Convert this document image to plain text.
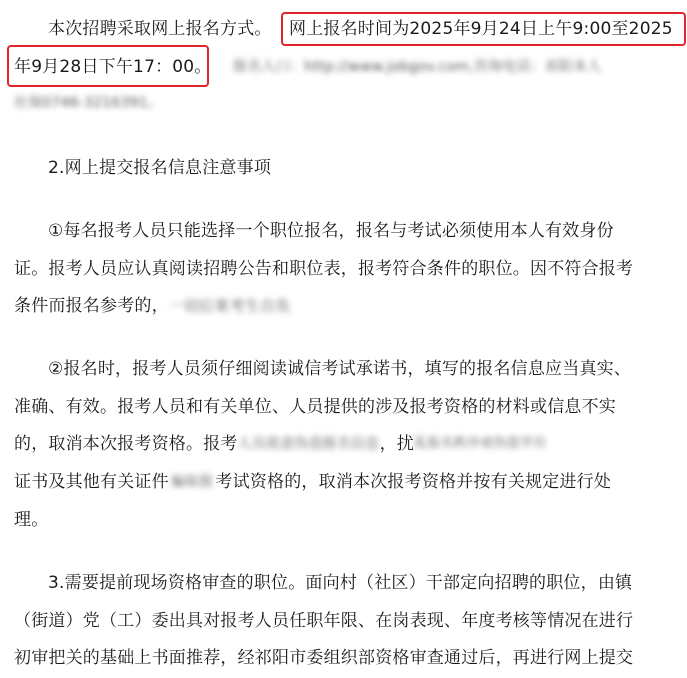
本次招聘采取网上报名方式。 网上报名时间为2025年9月24日上午9:00至2025
年9月28日下午17：00。 报名入口：http://www.jobgov.com,咨询电话：祁阳本人
社保0746-3216391。
2.网上提交报名信息注意事项
①每名报考人员只能选择一个职位报名，报名与考试必须使用本人有效身份
证。报考人员应认真阅读招聘公告和职位表，报考符合条件的职位。因不符合报考
条件而报名参考的，一切后果考生自负
②报名时，报考人员须仔细阅读诚信考试承诺书，填写的报名信息应当真实、
准确、有效。报考人员和有关单位、人员提供的涉及报考资格的材料或信息不实
的，取消本次报考资格。报考人员故意伪造报名信息，扰乱报名秩序或伪造学历
证书及其他有关证件 骗取报 考试资格的，取消本次报考资格并按有关规定进行处
理。
3.需要提前现场资格审查的职位。面向村（社区）干部定向招聘的职位，由镇
（街道）党（工）委出具对报考人员任职年限、在岗表现、年度考核等情况在进行
初审把关的基础上书面推荐，经祁阳市委组织部资格审查通过后，再进行网上提交
